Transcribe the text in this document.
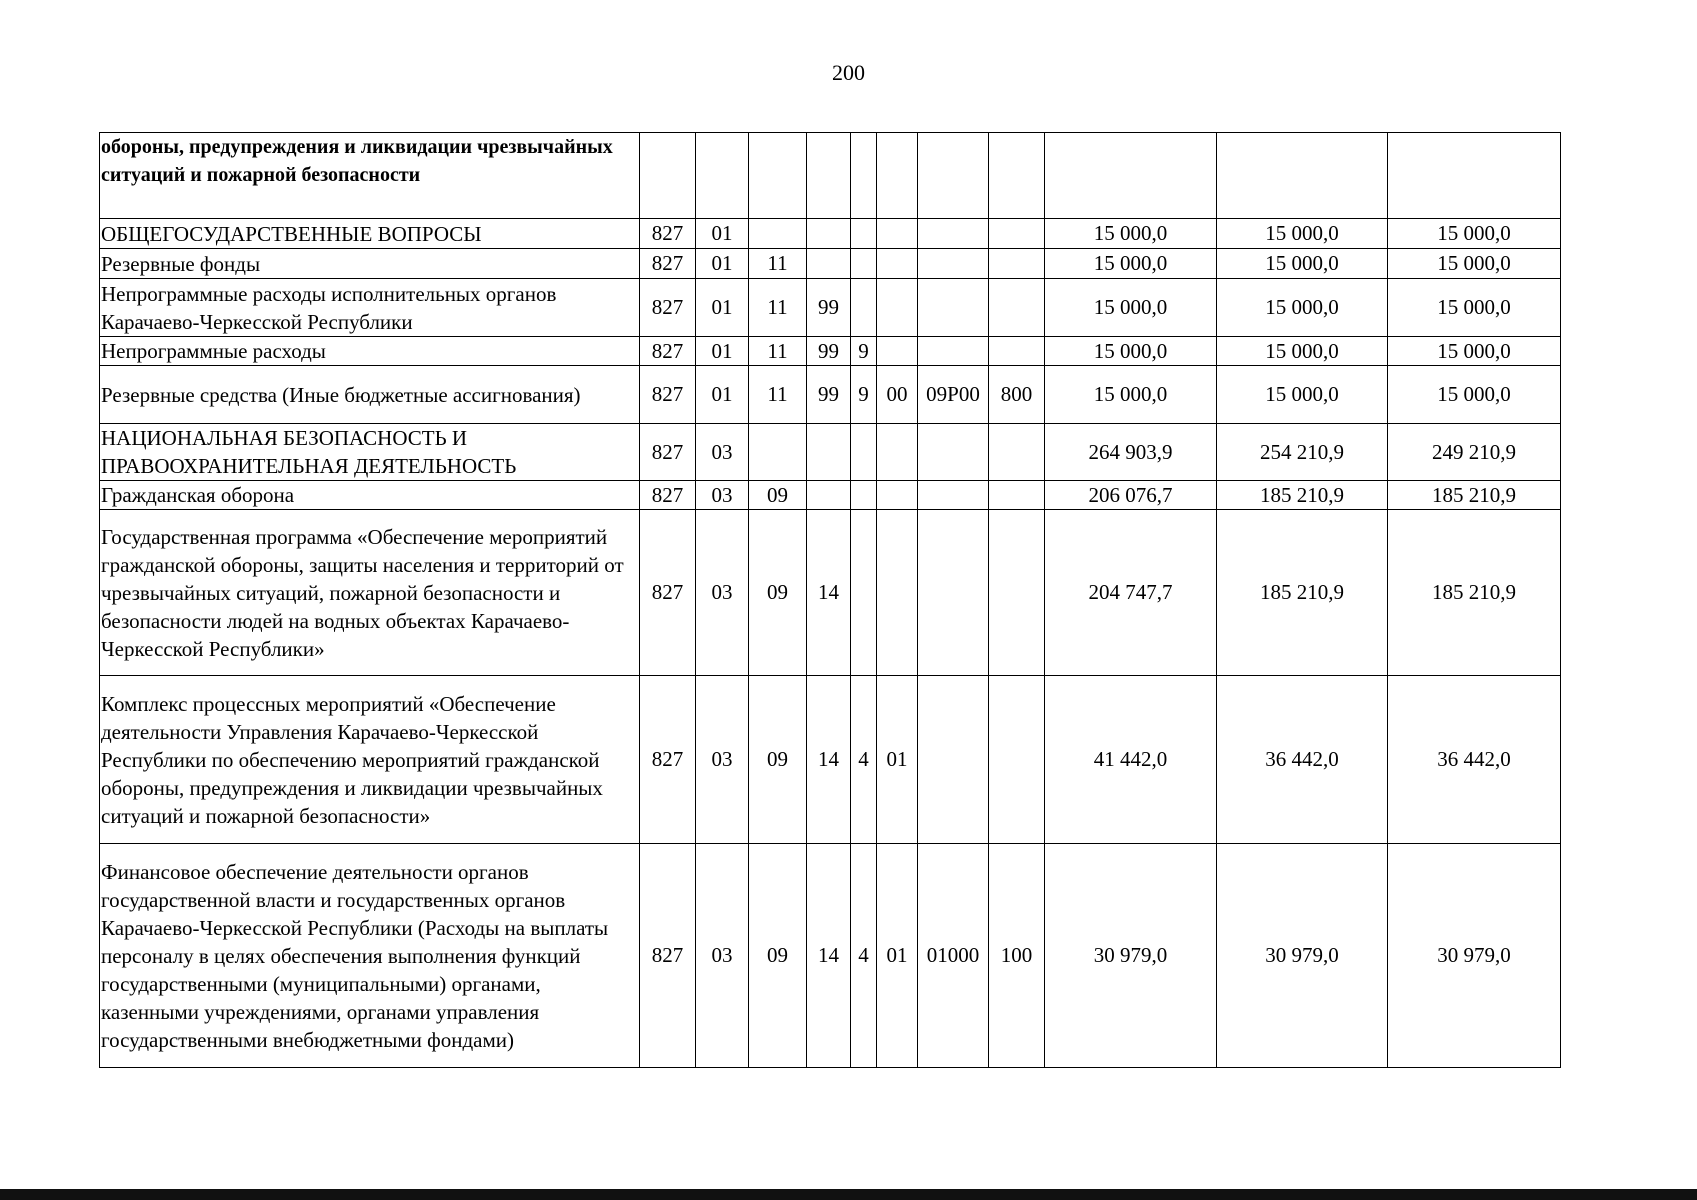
200
обороны, предупреждения и ликвидации чрезвычайных ситуаций и пожарной безопасности											
ОБЩЕГОСУДАРСТВЕННЫЕ ВОПРОСЫ	827	01							15 000,0	15 000,0	15 000,0
Резервные фонды	827	01	11						15 000,0	15 000,0	15 000,0
Непрограммные расходы исполнительных органов Карачаево-Черкесской Республики	827	01	11	99					15 000,0	15 000,0	15 000,0
Непрограммные расходы	827	01	11	99	9				15 000,0	15 000,0	15 000,0
Резервные средства (Иные бюджетные ассигнования)	827	01	11	99	9	00	09P00	800	15 000,0	15 000,0	15 000,0
НАЦИОНАЛЬНАЯ БЕЗОПАСНОСТЬ И ПРАВООХРАНИТЕЛЬНАЯ ДЕЯТЕЛЬНОСТЬ	827	03							264 903,9	254 210,9	249 210,9
Гражданская оборона	827	03	09						206 076,7	185 210,9	185 210,9
Государственная программа «Обеспечение мероприятий гражданской обороны, защиты населения и территорий от чрезвычайных ситуаций, пожарной безопасности и безопасности людей на водных объектах Карачаево-Черкесской Республики»	827	03	09	14					204 747,7	185 210,9	185 210,9
Комплекс процессных мероприятий «Обеспечение деятельности Управления Карачаево-Черкесской Республики по обеспечению мероприятий гражданской обороны, предупреждения и ликвидации чрезвычайных ситуаций и пожарной безопасности»	827	03	09	14	4	01			41 442,0	36 442,0	36 442,0
Финансовое обеспечение деятельности органов государственной власти и государственных органов Карачаево-Черкесской Республики (Расходы на выплаты персоналу в целях обеспечения выполнения функций государственными (муниципальными) органами, казенными учреждениями, органами управления государственными внебюджетными фондами)	827	03	09	14	4	01	01000	100	30 979,0	30 979,0	30 979,0
